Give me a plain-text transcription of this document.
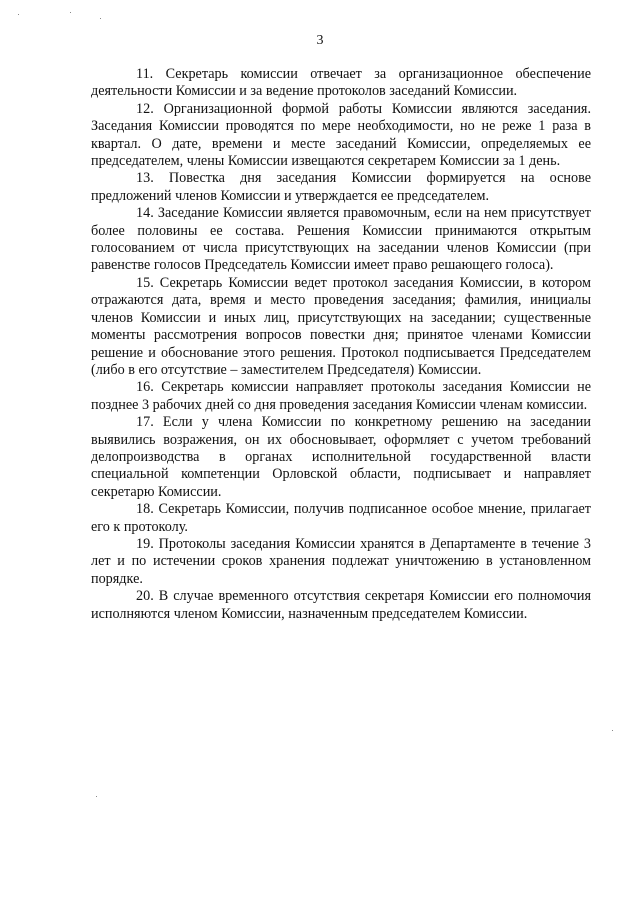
3

11. Секретарь комиссии отвечает за организационное обеспечение деятельности Комиссии и за ведение протоколов заседаний Комиссии.

12. Организационной формой работы Комиссии являются заседания. Заседания Комиссии проводятся по мере необходимости, но не реже 1 раза в квартал. О дате, времени и месте заседаний Комиссии, определяемых ее председателем, члены Комиссии извещаются секретарем Комиссии за 1 день.

13. Повестка дня заседания Комиссии формируется на основе предложений членов Комиссии и утверждается ее председателем.

14. Заседание Комиссии является правомочным, если на нем присутствует более половины ее состава. Решения Комиссии принимаются открытым голосованием от числа присутствующих на заседании членов Комиссии (при равенстве голосов Председатель Комиссии имеет право решающего голоса).

15. Секретарь Комиссии ведет протокол заседания Комиссии, в котором отражаются дата, время и место проведения заседания; фамилия, инициалы членов Комиссии и иных лиц, присутствующих на заседании; существенные моменты рассмотрения вопросов повестки дня; принятое членами Комиссии решение и обоснование этого решения. Протокол подписывается Председателем (либо в его отсутствие – заместителем Председателя) Комиссии.

16. Секретарь комиссии направляет протоколы заседания Комиссии не позднее 3 рабочих дней со дня проведения заседания Комиссии членам комиссии.

17. Если у члена Комиссии по конкретному решению на заседании выявились возражения, он их обосновывает, оформляет с учетом требований делопроизводства в органах исполнительной государственной власти специальной компетенции Орловской области, подписывает и направляет секретарю Комиссии.

18. Секретарь Комиссии, получив подписанное особое мнение, прилагает его к протоколу.

19. Протоколы заседания Комиссии хранятся в Департаменте в течение 3 лет и по истечении сроков хранения подлежат уничтожению в установленном порядке.

20. В случае временного отсутствия секретаря Комиссии его полномочия исполняются членом Комиссии, назначенным председателем Комиссии.
